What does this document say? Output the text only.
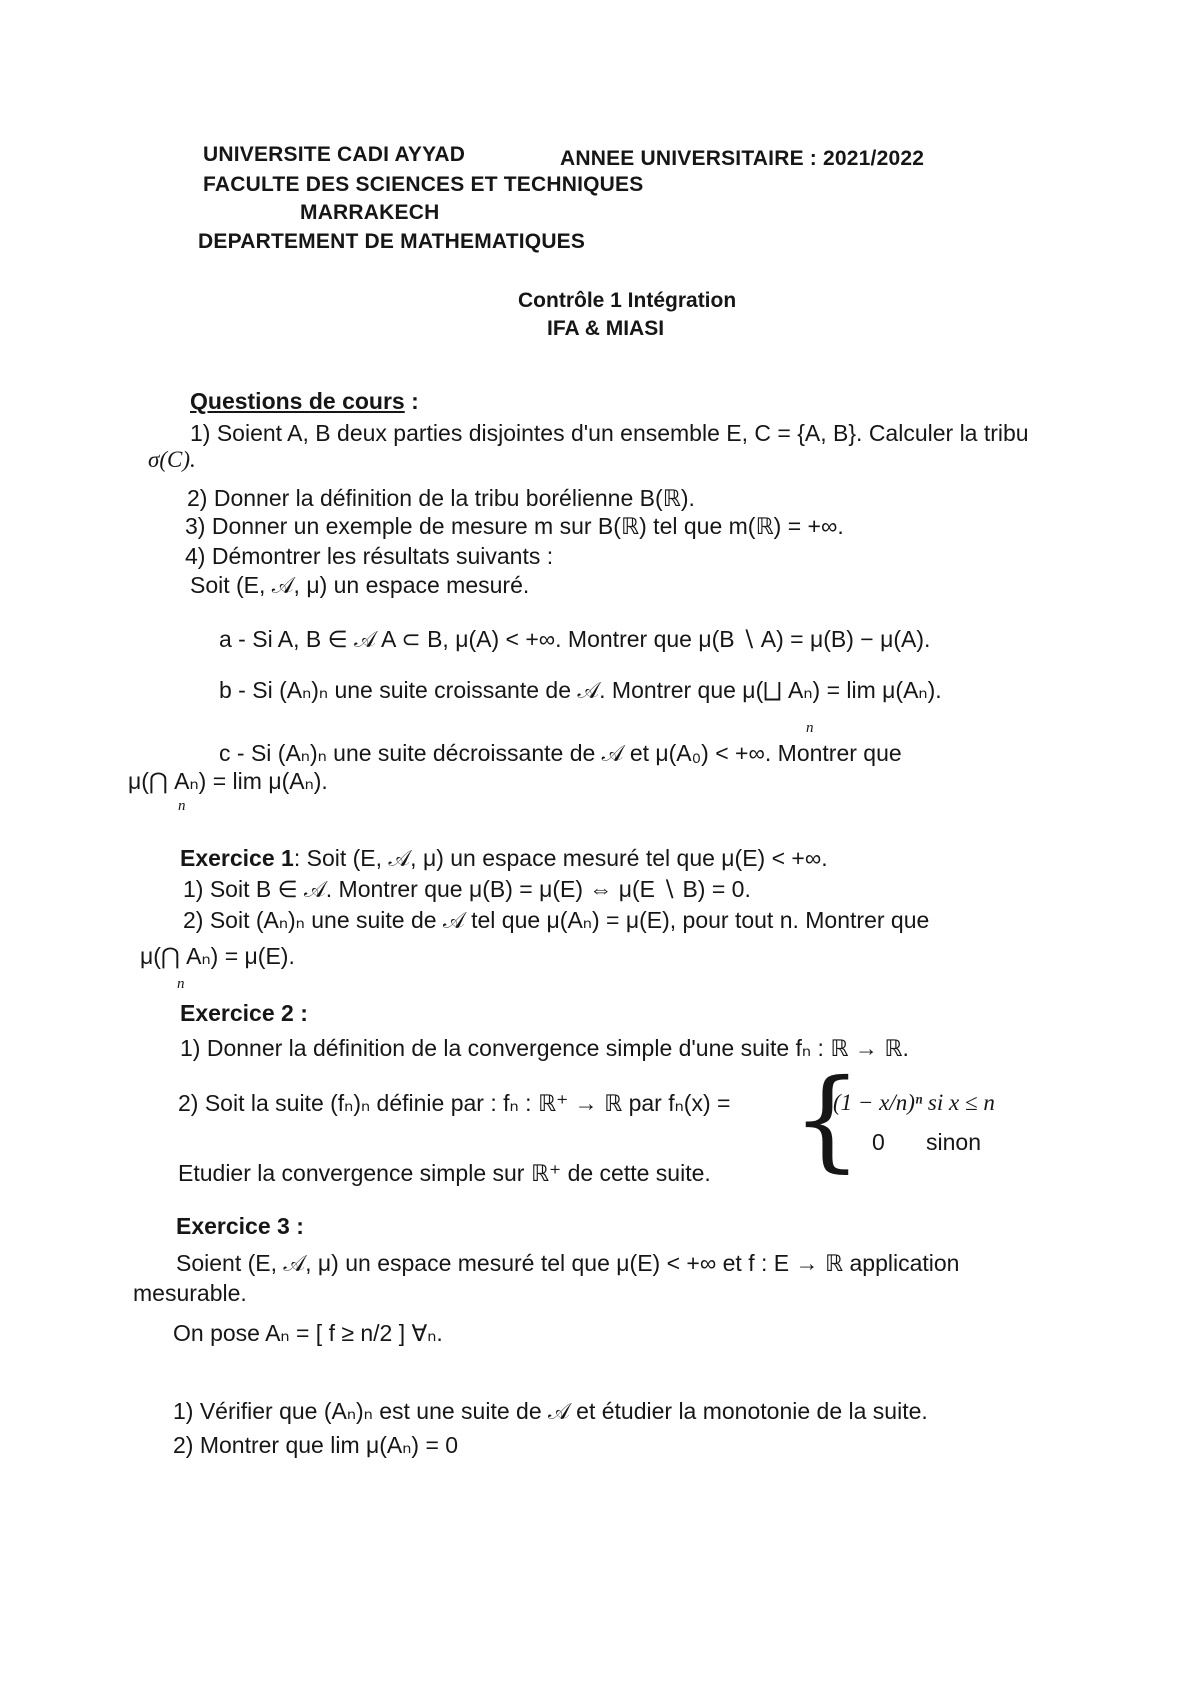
UNIVERSITE CADI AYYAD	ANNEE UNIVERSITAIRE : 2021/2022
FACULTE DES SCIENCES ET TECHNIQUES
MARRAKECH
DEPARTEMENT DE MATHEMATIQUES
Contrôle 1 Intégration
IFA & MIASI
Questions de cours :
1) Soient A, B deux parties disjointes d'un ensemble E, C = {A, B}. Calculer la tribu
σ(C).
2) Donner la définition de la tribu borélienne B(ℝ).
3) Donner un exemple de mesure m sur B(ℝ) tel que m(ℝ) = +∞.
4) Démontrer les résultats suivants :
Soit (E, 𝒜, μ) un espace mesuré.
a - Si A, B ∈ 𝒜 A ⊂ B, μ(A) < +∞. Montrer que μ(B ∖ A) = μ(B) − μ(A).
b - Si (Aₙ)ₙ une suite croissante de 𝒜. Montrer que μ(⨆ Aₙ) = lim μ(Aₙ).
n
c - Si (Aₙ)ₙ une suite décroissante de 𝒜 et μ(A₀) < +∞. Montrer que
μ(⋂ Aₙ) = lim μ(Aₙ).
n
Exercice 1: Soit (E, 𝒜, μ) un espace mesuré tel que μ(E) < +∞.
1) Soit B ∈ 𝒜. Montrer que μ(B) = μ(E) ⇔ μ(E ∖ B) = 0.
2) Soit (Aₙ)ₙ une suite de 𝒜 tel que μ(Aₙ) = μ(E), pour tout n. Montrer que
μ(⋂ Aₙ) = μ(E).
n
Exercice 2 :
1) Donner la définition de la convergence simple d'une suite fₙ : ℝ → ℝ.
2) Soit la suite (fₙ)ₙ définie par : fₙ : ℝ⁺ → ℝ par fₙ(x) = {
(1 − x/n)ⁿ si x ≤ n
0 sinon
Etudier la convergence simple sur ℝ⁺ de cette suite.
Exercice 3 :
Soient (E, 𝒜, μ) un espace mesuré tel que μ(E) < +∞ et f : E → ℝ application
mesurable.
On pose Aₙ = [ f ≥ n/2 ] ∀ₙ.
1) Vérifier que (Aₙ)ₙ est une suite de 𝒜 et étudier la monotonie de la suite.
2) Montrer que lim μ(Aₙ) = 0
